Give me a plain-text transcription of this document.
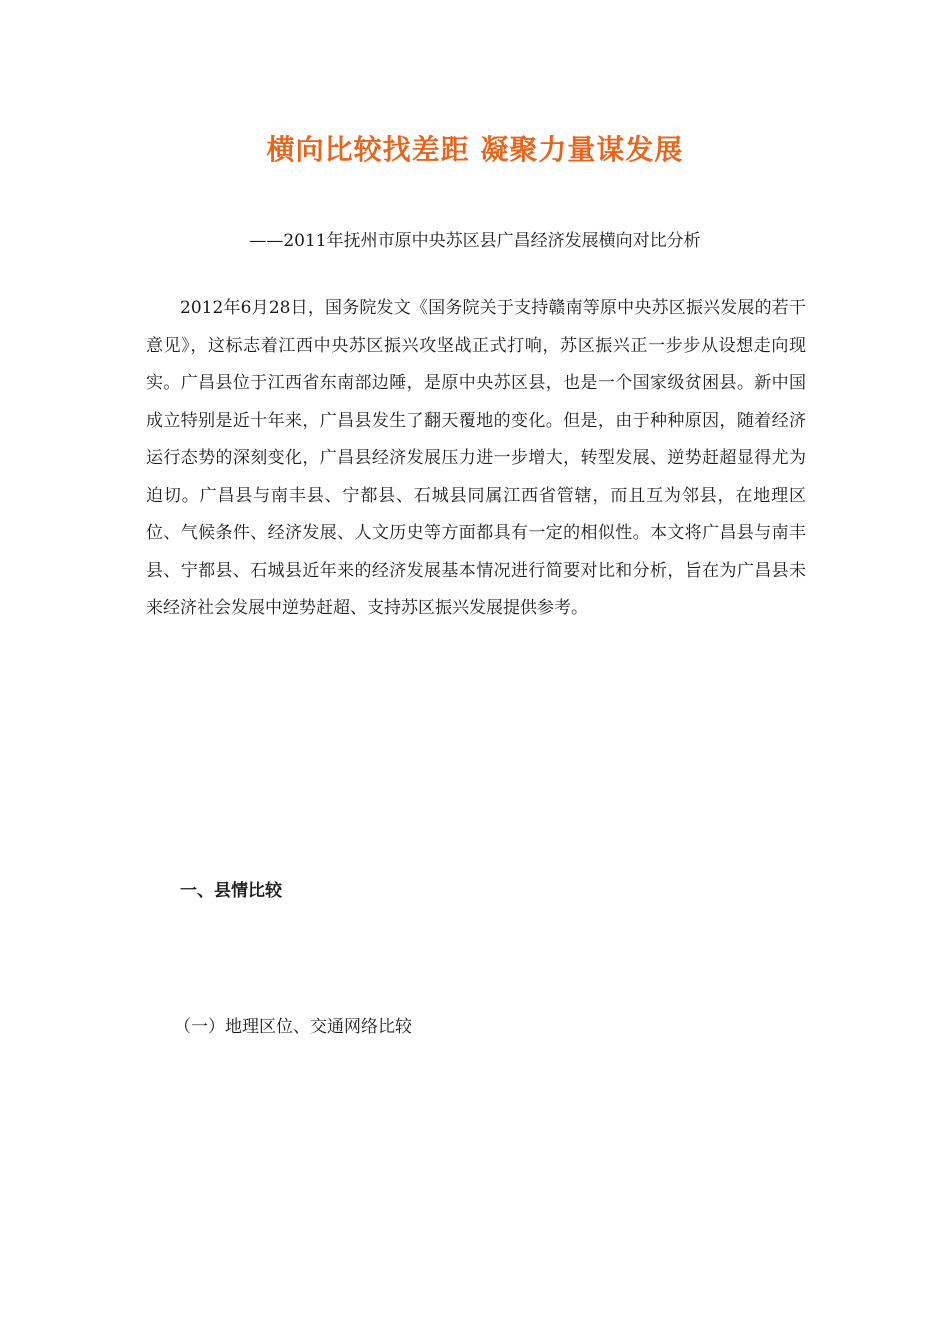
横向比较找差距 凝聚力量谋发展

——2011年抚州市原中央苏区县广昌经济发展横向对比分析

2012年6月28日，国务院发文《国务院关于支持赣南等原中央苏区振兴发展的若干意见》，这标志着江西中央苏区振兴攻坚战正式打响，苏区振兴正一步步从设想走向现实。广昌县位于江西省东南部边陲，是原中央苏区县，也是一个国家级贫困县。新中国成立特别是近十年来，广昌县发生了翻天覆地的变化。但是，由于种种原因，随着经济运行态势的深刻变化，广昌县经济发展压力进一步增大，转型发展、逆势赶超显得尤为迫切。广昌县与南丰县、宁都县、石城县同属江西省管辖，而且互为邻县，在地理区位、气候条件、经济发展、人文历史等方面都具有一定的相似性。本文将广昌县与南丰县、宁都县、石城县近年来的经济发展基本情况进行简要对比和分析，旨在为广昌县未来经济社会发展中逆势赶超、支持苏区振兴发展提供参考。

一、县情比较

（一）地理区位、交通网络比较
